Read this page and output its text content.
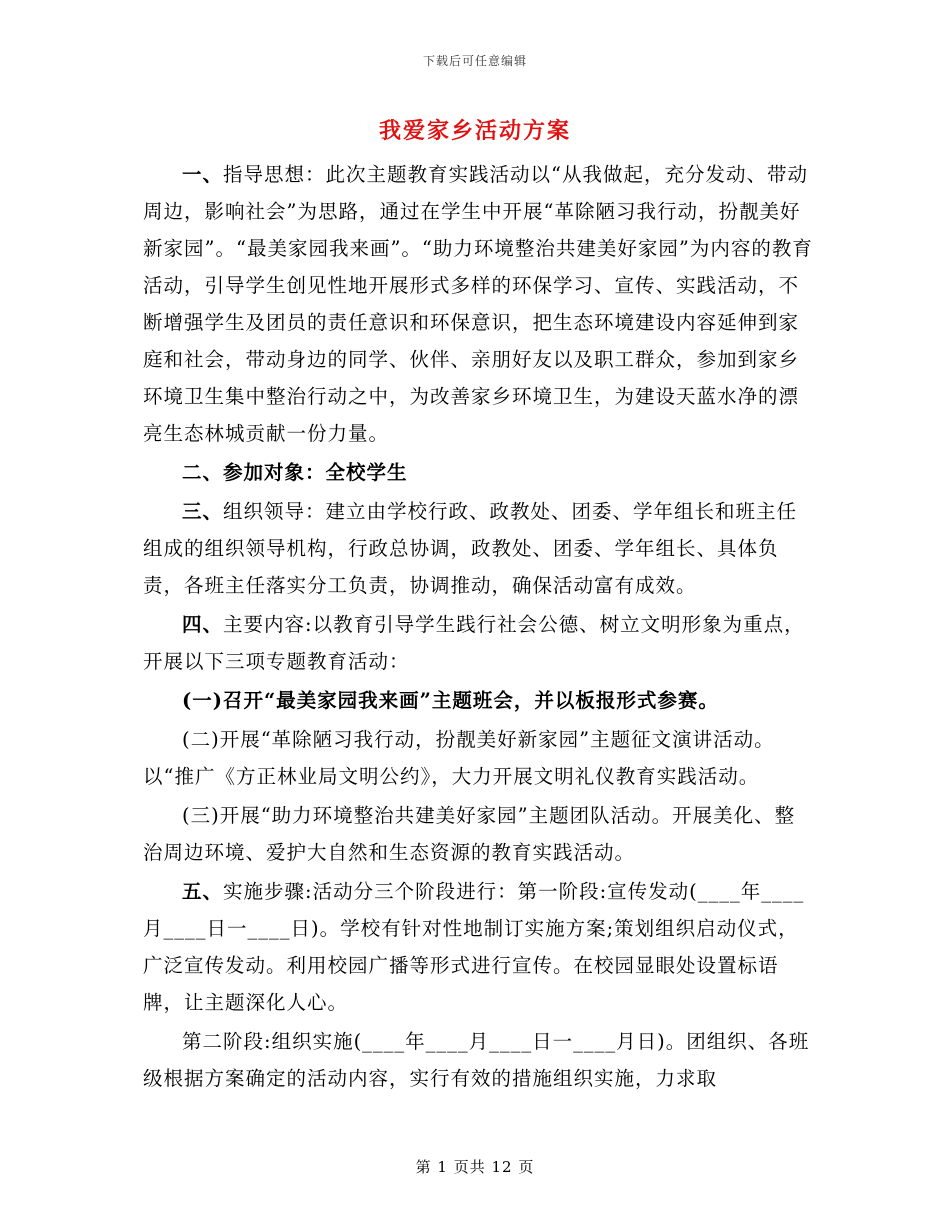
下载后可任意编辑
我爱家乡活动方案

一、指导思想：此次主题教育实践活动以“从我做起，充分发动、带动周边，影响社会”为思路，通过在学生中开展“革除陋习我行动，扮靓美好新家园”。“最美家园我来画”。“助力环境整治共建美好家园”为内容的教育活动，引导学生创见性地开展形式多样的环保学习、宣传、实践活动，不断增强学生及团员的责任意识和环保意识，把生态环境建设内容延伸到家庭和社会，带动身边的同学、伙伴、亲朋好友以及职工群众，参加到家乡环境卫生集中整治行动之中，为改善家乡环境卫生，为建设天蓝水净的漂亮生态林城贡献一份力量。

二、参加对象：全校学生

三、组织领导：建立由学校行政、政教处、团委、学年组长和班主任组成的组织领导机构，行政总协调，政教处、团委、学年组长、具体负责，各班主任落实分工负责，协调推动，确保活动富有成效。

四、主要内容:以教育引导学生践行社会公德、树立文明形象为重点，开展以下三项专题教育活动：

(一)召开“最美家园我来画”主题班会，并以板报形式参赛。

(二)开展“革除陋习我行动，扮靓美好新家园”主题征文演讲活动。以“推广《方正林业局文明公约》，大力开展文明礼仪教育实践活动。

(三)开展“助力环境整治共建美好家园”主题团队活动。开展美化、整治周边环境、爱护大自然和生态资源的教育实践活动。

五、实施步骤:活动分三个阶段进行：第一阶段:宣传发动(____年____月____日一____日)。学校有针对性地制订实施方案;策划组织启动仪式，广泛宣传发动。利用校园广播等形式进行宣传。在校园显眼处设置标语牌，让主题深化人心。

第二阶段:组织实施(____年____月____日一____月日)。团组织、各班级根据方案确定的活动内容，实行有效的措施组织实施，力求取

第 1 页共 12 页
